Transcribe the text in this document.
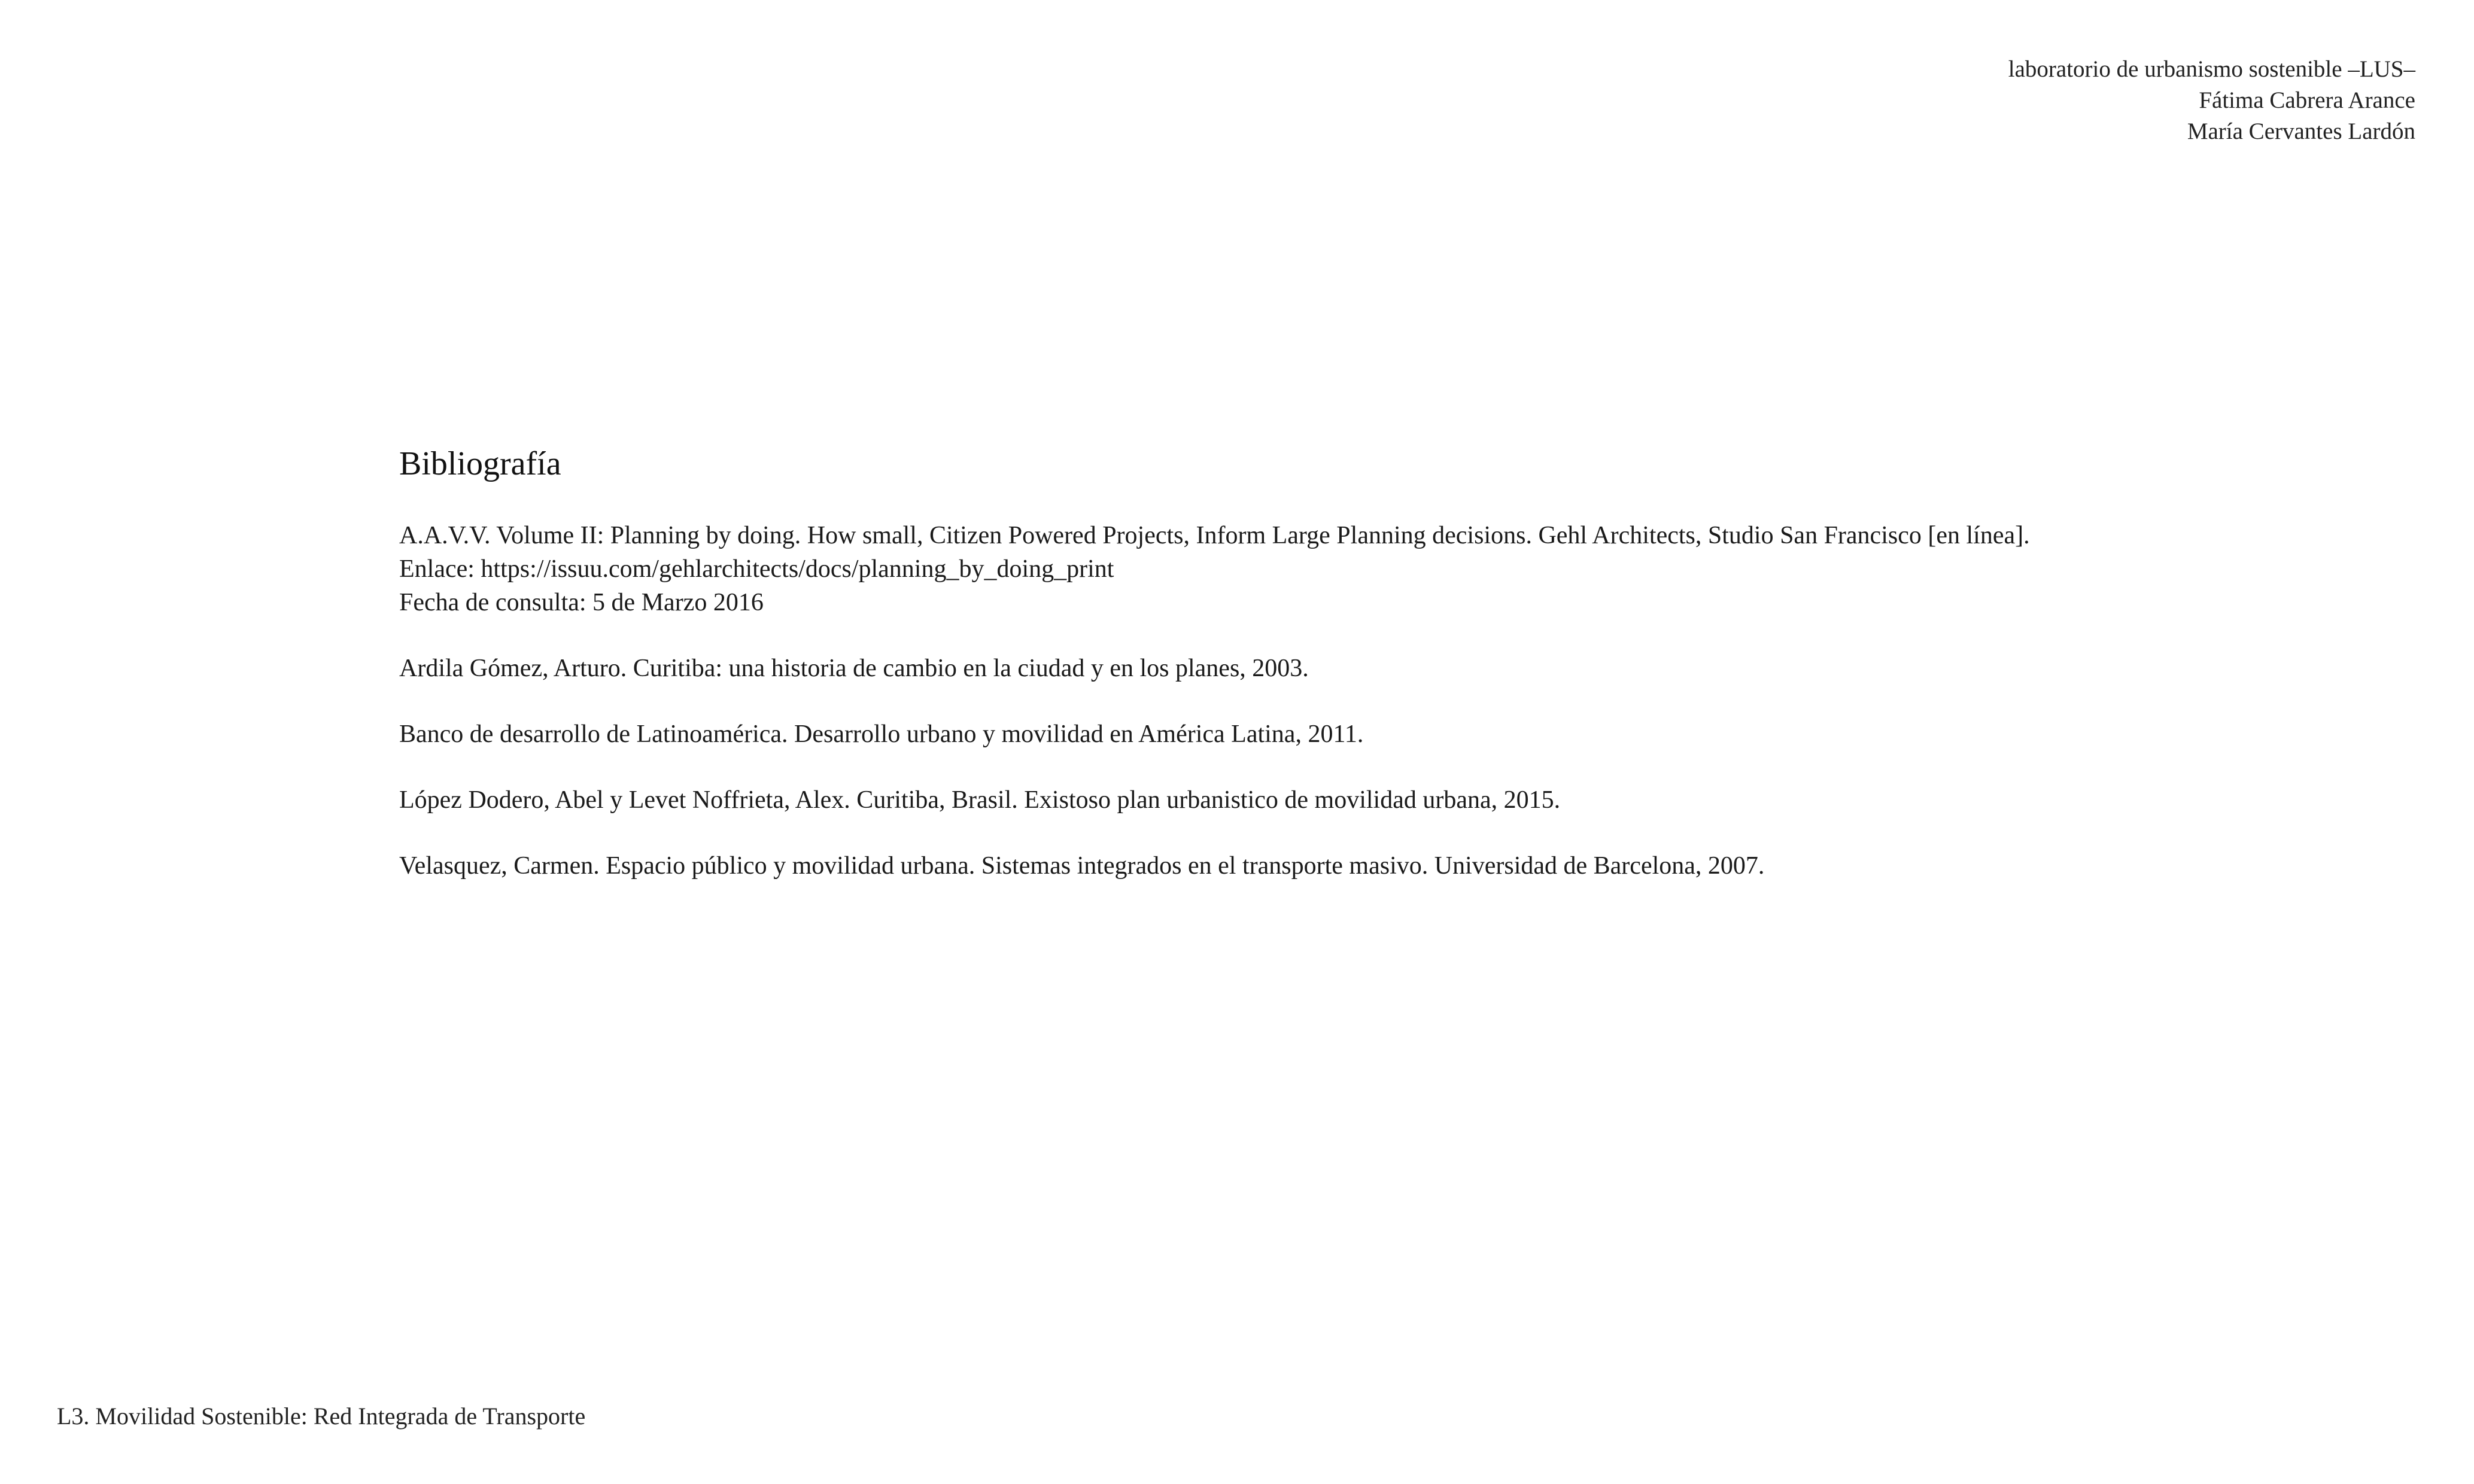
laboratorio de urbanismo sostenible –LUS–
Fátima Cabrera Arance
María Cervantes Lardón
Bibliografía
A.A.V.V. Volume II: Planning by doing. How small, Citizen Powered Projects, Inform Large Planning decisions. Gehl Architects, Studio San Francisco [en línea].
Enlace: https://issuu.com/gehlarchitects/docs/planning_by_doing_print
Fecha de consulta: 5 de Marzo 2016
Ardila Gómez, Arturo. Curitiba: una historia de cambio en la ciudad y en los planes, 2003.
Banco de desarrollo de Latinoamérica. Desarrollo urbano y movilidad en América Latina, 2011.
López Dodero, Abel y Levet Noffrieta, Alex. Curitiba, Brasil. Existoso plan urbanistico de movilidad urbana, 2015.
Velasquez, Carmen. Espacio público y movilidad urbana. Sistemas integrados en el transporte masivo. Universidad de Barcelona, 2007.
L3. Movilidad Sostenible: Red Integrada de Transporte
